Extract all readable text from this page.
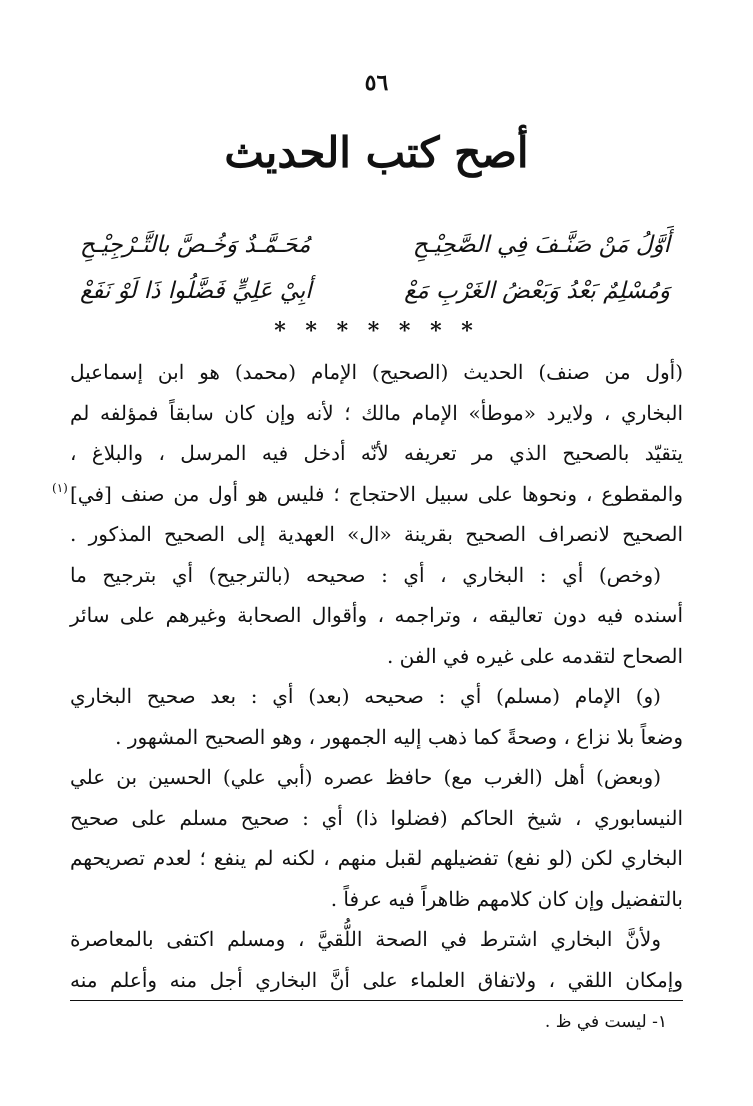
٥٦
أصح كتب الحديث
أَوَّلُ مَنْ صَنَّـفَ فِي الصَّحِيْـحِ
مُحَـمَّـدٌ وَخُـصَّ بالتَّـرْجِيْـحِ
وَمُسْلِمٌ بَعْدُ وَبَعْضُ الغَرْبِ مَعْ
أبِيْ عَلِيٍّ فَضَّلُوا ذَا لَوْ نَفَعْ
* * * * * * *
(أول من صنف) الحديث (الصحيح) الإمام (محمد) هو ابن إسماعيل
البخاري ، ولايرد «موطأ» الإمام مالك ؛ لأنه وإن كان سابقاً فمؤلفه لم
يتقيّد بالصحيح الذي مر تعريفه لأنّه أدخل فيه المرسل ، والبلاغ ،
والمقطوع ، ونحوها على سبيل الاحتجاج ؛ فليس هو أول من صنف [في]
(١)
الصحيح لانصراف الصحيح بقرينة «ال» العهدية إلى الصحيح المذكور .
(وخص) أي : البخاري ، أي : صحيحه (بالترجيح) أي بترجيح ما
أسنده فيه دون تعاليقه ، وتراجمه ، وأقوال الصحابة وغيرهم على سائر
الصحاح لتقدمه على غيره في الفن .
(و) الإمام (مسلم) أي : صحيحه (بعد) أي : بعد صحيح البخاري
وضعاً بلا نزاع ، وصحةً كما ذهب إليه الجمهور ، وهو الصحيح المشهور .
(وبعض) أهل (الغرب مع) حافظ عصره (أبي علي) الحسين بن علي
النيسابوري ، شيخ الحاكم (فضلوا ذا) أي : صحيح مسلم على صحيح
البخاري لكن (لو نفع) تفضيلهم لقبل منهم ، لكنه لم ينفع ؛ لعدم تصريحهم
بالتفضيل وإن كان كلامهم ظاهراً فيه عرفاً .
ولأنَّ البخاري اشترط في الصحة اللُّقيَّ ، ومسلم اكتفى بالمعاصرة
وإمكان اللقي ، ولاتفاق العلماء على أنَّ البخاري أجل منه وأعلم منه
١- ليست في ظ .
